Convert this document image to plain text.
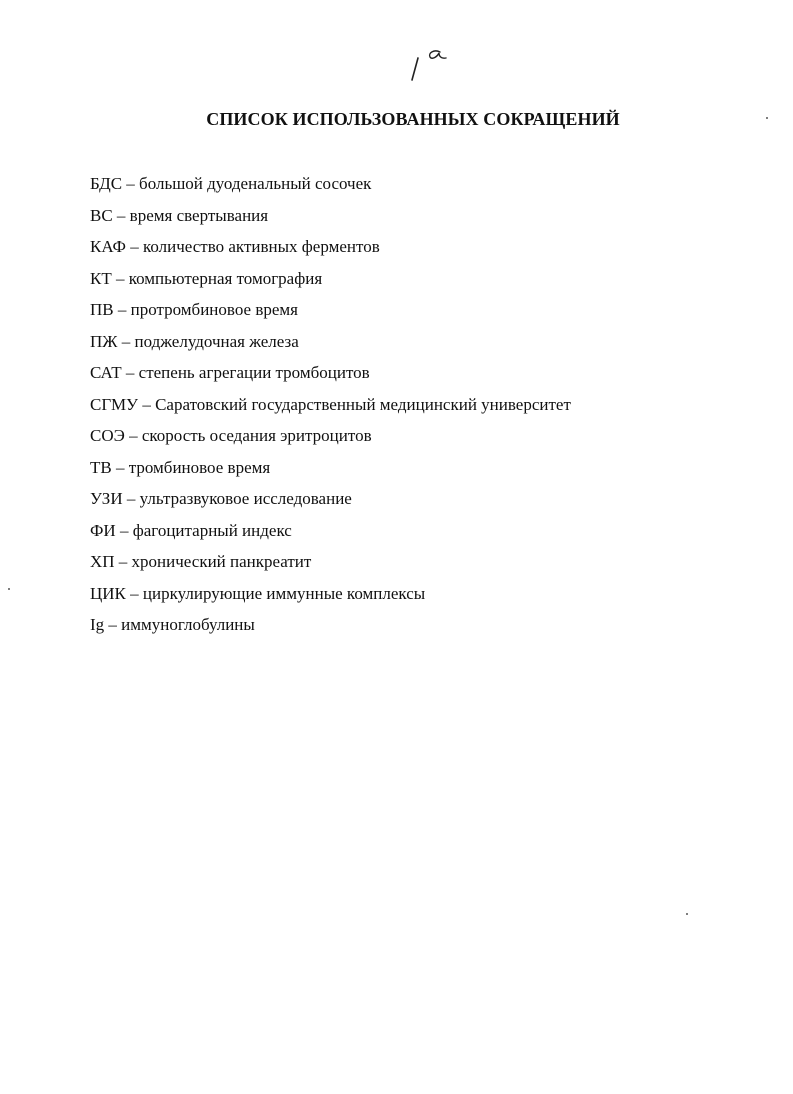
СПИСОК ИСПОЛЬЗОВАННЫХ СОКРАЩЕНИЙ
БДС – большой дуоденальный сосочек
ВС – время свертывания
КАФ – количество активных ферментов
КТ – компьютерная томография
ПВ – протромбиновое время
ПЖ – поджелудочная железа
САТ – степень агрегации тромбоцитов
СГМУ – Саратовский государственный медицинский университет
СОЭ – скорость оседания эритроцитов
ТВ – тромбиновое время
УЗИ – ультразвуковое исследование
ФИ – фагоцитарный индекс
ХП – хронический панкреатит
ЦИК – циркулирующие иммунные комплексы
Ig – иммуноглобулины
